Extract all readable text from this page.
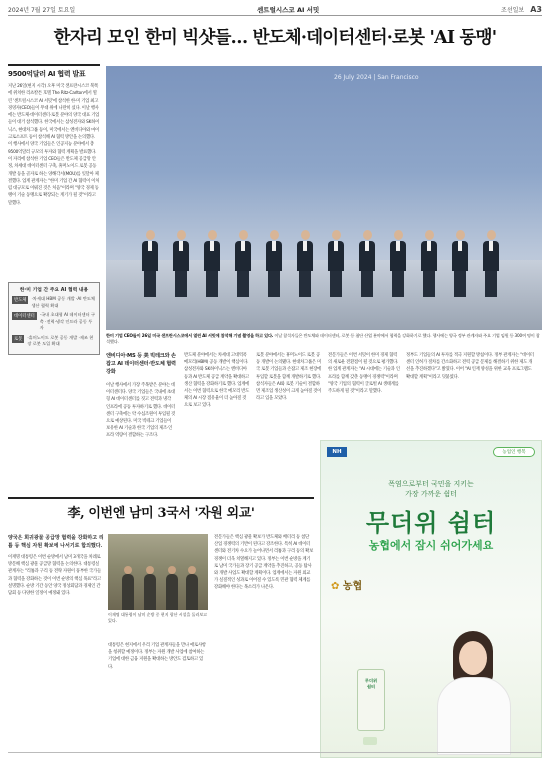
2024년 7월 27일 토요일	센트럴시스코 AI 서밋	조선일보 A3
한자리 모인 한미 빅샷들… 반도체·데이터센터·로봇 'AI 동맹'
9500억달러 AI 협력 발표
지난 26일(현지 시각) 오후 미국 샌프란시스코 북쪽에 위치한 리츠칼튼 호텔 The Ritz-Carlton에서 열린 '센트럴시스코 AI 서밋'에 참석한 한·미 기업 최고경영자(CEO)들이 무대 위에 나란히 섰다. 이날 행사에는 반도체·데이터센터·로봇 분야의 양국 대표 기업들이 대거 참석했다. 한국에서는 삼성전자와 SK하이닉스, 현대차그룹 등이, 미국에서는 엔비디아와 마이크로소프트 등이 참석해 AI 협력 방안을 논의했다. 이 행사에서 양국 기업들은 인공지능 분야에서 총 9500억달러 규모의 투자와 협력 계획을 발표했다. 이 자리에 참석한 기업 CEO들은 반도체 공급망 안정, 차세대 데이터센터 구축, 휴머노이드 로봇 공동 개발 등을 골자로 하는 양해각서(MOU)를 잇달아 체결했다. 업계 관계자는 "한미 기업 간 AI 협력이 이처럼 대규모로 이뤄진 것은 처음"이라며 "양국 경제 동맹이 기술 동맹으로 확장되는 계기가 될 것"이라고 말했다.
한·미 기업 간 주요 AI 협력 내용
반도체	·차세대 HBM 공동 개발 ·AI 반도체 생산 협력 확대
데이터센터	·국내 초대형 AI 데이터센터 구축 ·전력·냉각 인프라 공동 투자
로봇	·휴머노이드 로봇 공동 개발 ·제조 현장 로봇 도입 확대
26 July 2024 | San Francisco
한미 기업 CEO들이 26일 미국 샌프란시스코에서 열린 AI 서밋에 참석해 기념 촬영을 하고 있다. 이날 참석자들은 반도체와 데이터센터, 로봇 등 첨단 산업 분야에서 협력을 강화하기로 했다. 행사에는 양국 정부 관계자와 주요 기업 임원 등 300여 명이 참석했다.
엔비디아·MS 등 美 빅테크와 손잡고 AI 데이터센터·반도체 협력 강화
이날 행사에서 가장 주목받은 분야는 데이터센터다. 양국 기업들은 국내에 초대형 AI 데이터센터를 짓고 전력과 냉각 인프라에 공동 투자하기로 했다. 데이터센터 구축에는 약 수십조원이 투입될 것으로 예상된다. 미국 빅테크 기업들이 보유한 AI 기술과 한국 기업의 제조·인프라 역량이 결합하는 구조다.
반도체 분야에서는 차세대 고대역폭메모리(HBM) 공동 개발이 핵심이다. 삼성전자와 SK하이닉스는 엔비디아 등과 AI 반도체 공급 계약을 확대하고 생산 협력을 강화하기로 했다. 업계에서는 이번 협력으로 한국 메모리 반도체의 AI 시장 점유율이 더 높아질 것으로 보고 있다.
로봇 분야에서는 휴머노이드 로봇 공동 개발이 논의됐다. 현대차그룹은 미국 로봇 기업들과 손잡고 제조 현장에 투입할 로봇을 함께 개발하기로 했다. 참석자들은 AI와 로봇 기술이 결합하면 제조업 생산성이 크게 높아질 것이라고 입을 모았다.
전문가들은 이번 서밋이 한미 경제 협력의 새로운 전환점이 될 것으로 평가했다. 한 업계 관계자는 "AI 시대에는 기술과 인프라를 함께 갖춘 동맹이 경쟁력"이라며 "양국 기업의 협력이 글로벌 AI 생태계를 주도하게 될 것"이라고 말했다.
정부도 기업들의 AI 투자를 적극 지원할 방침이다. 정부 관계자는 "데이터센터 인허가 절차를 간소화하고 전력 공급 문제를 해결하기 위한 제도 개선을 추진하겠다"고 밝혔다. 이어 "AI 인재 양성을 위한 교육 프로그램도 확대할 계획"이라고 덧붙였다.
NH	농업인 행복
폭염으로부터 국민을 지키는
가장 가까운 쉼터
무더위 쉼터
농협에서 잠시 쉬어가세요
✿ 농협
무더위
쉼터
李, 이번엔 남미 3국서 '자원 외교'
양국은 희귀광물 공급망 협력을 강화하고 리튬 등 핵심 자원 확보에 나서기로 합의했다.
이재명 대통령은 이번 순방에서 남미 3개국을 차례로 방문해 핵심 광물 공급망 협력을 논의한다. 대통령실 관계자는 "리튬과 구리 등 전략 자원이 풍부한 국가들과 협력을 강화하는 것이 이번 순방의 핵심 목표"라고 설명했다. 순방 기간 동안 양국 정상회담과 경제인 간담회 등 다양한 일정이 예정돼 있다.
이재명 대통령이 남미 순방 중 현지 광산 시설을 둘러보고 있다.
대통령은 현지에서 우리 기업 관계자들을 만나 애로사항을 청취할 예정이다. 정부는 자원 개발 사업에 참여하는 기업에 대한 금융 지원을 확대하는 방안도 검토하고 있다.
전문가들은 핵심 광물 확보가 반도체와 배터리 등 첨단 산업 경쟁력의 기반이 된다고 강조한다. 특히 AI 데이터센터와 전기차 수요가 늘어나면서 리튬과 구리 등의 확보 경쟁이 더욱 치열해지고 있다. 정부는 이번 순방을 계기로 남미 국가들과 장기 공급 계약을 추진하고, 공동 탐사와 개발 사업도 확대할 계획이다. 업계에서는 자원 외교가 실질적인 성과로 이어질 수 있도록 민관 협력 체계를 강화해야 한다는 목소리가 나온다.
